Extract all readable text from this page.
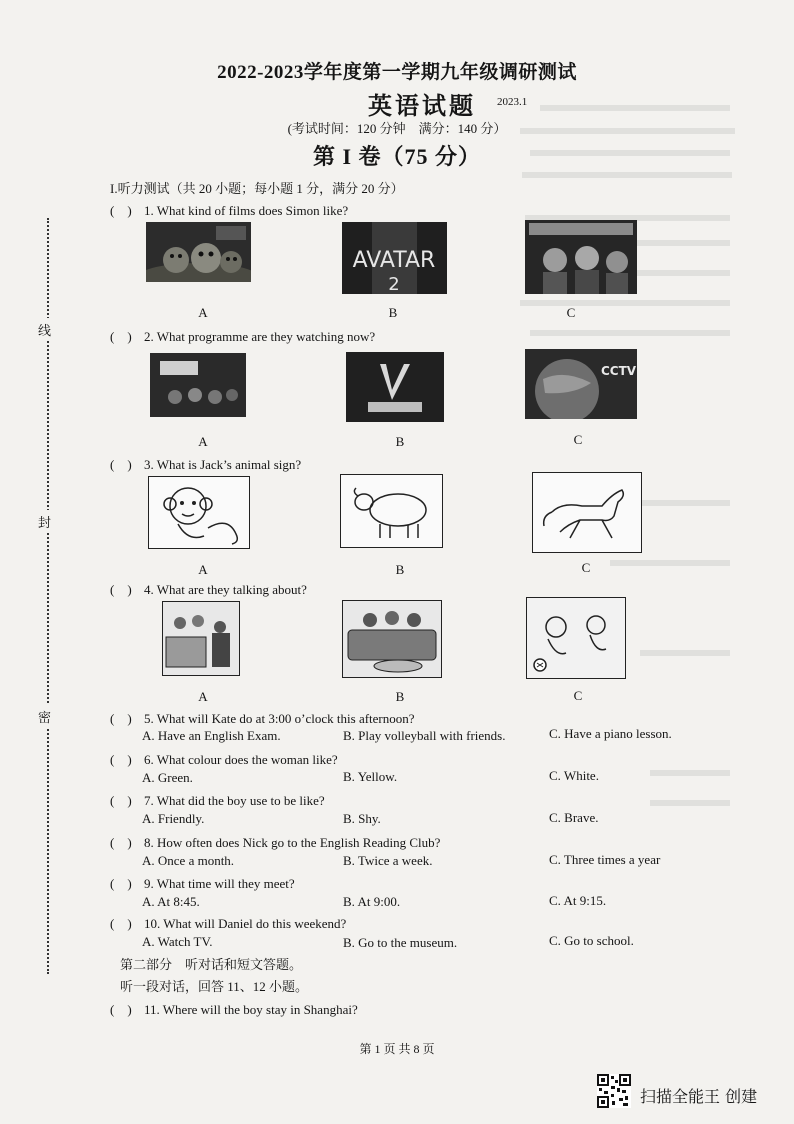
线
封
密
2022-2023学年度第一学期九年级调研测试
英语试题 2023.1
(考试时间：120 分钟　满分：140 分）
第 I 卷（75 分）
I.听力测试（共 20 小题；每小题 1 分，满分 20 分）
(　) 1. What kind of films does Simon like?
AVATAR
2
A	B	C
(　) 2. What programme are they watching now?
CCTV
A	B	C
(　) 3. What is Jack’s animal sign?
A	B	C
(　) 4. What are they talking about?
A	B	C
(　) 5. What will Kate do at 3:00 o’clock this afternoon?
A. Have an English Exam.	B. Play volleyball with friends.	C. Have a piano lesson.
(　) 6. What colour does the woman like?
A. Green.	B. Yellow.	C. White.
(　) 7. What did the boy use to be like?
A. Friendly.	B. Shy.	C. Brave.
(　) 8. How often does Nick go to the English Reading Club?
A. Once a month.	B. Twice a week.	C. Three times a year
(　) 9. What time will they meet?
A. At 8:45.	B. At 9:00.	C. At 9:15.
(　) 10. What will Daniel do this weekend?
A. Watch TV.	B. Go to the museum.	C. Go to school.
第二部分　听对话和短文答题。
听一段对话，回答 11、12 小题。
(　) 11. Where will the boy stay in Shanghai?
第 1 页 共 8 页
扫描全能王 创建
